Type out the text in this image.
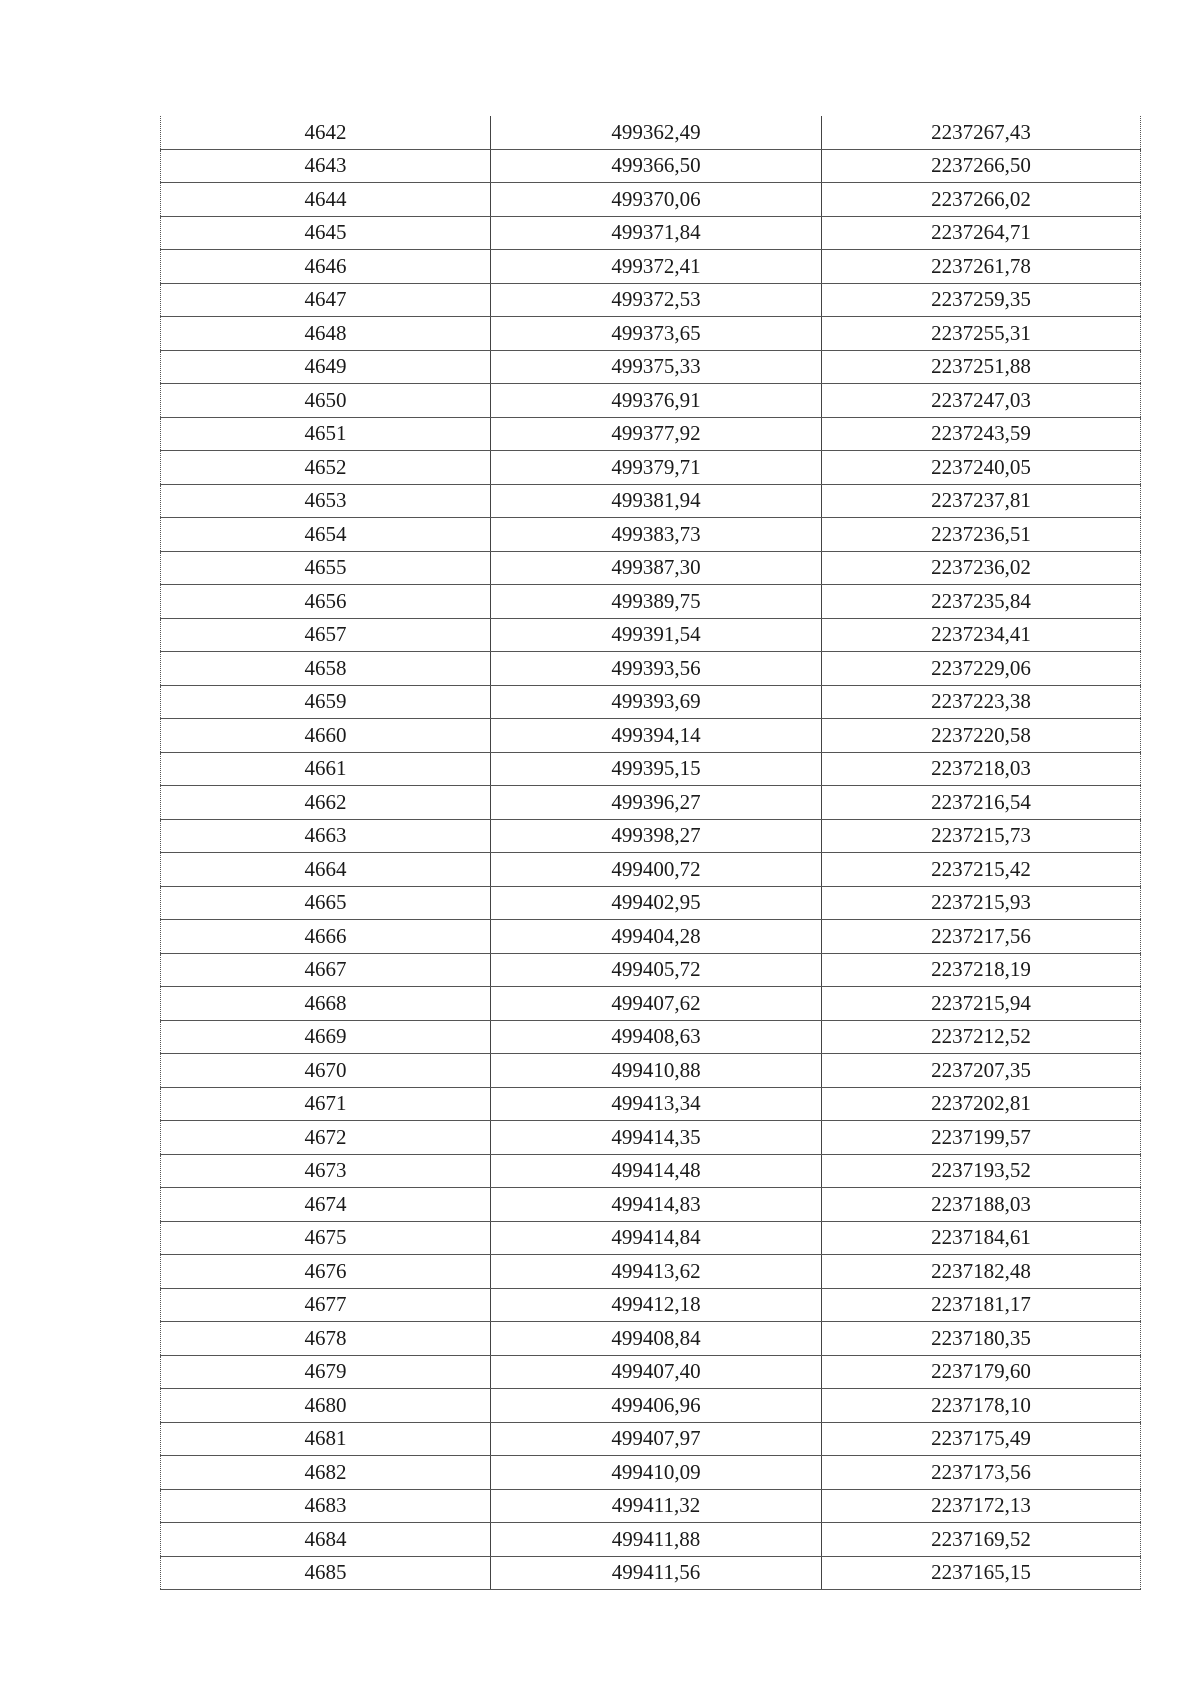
4642	499362,49	2237267,43
4643	499366,50	2237266,50
4644	499370,06	2237266,02
4645	499371,84	2237264,71
4646	499372,41	2237261,78
4647	499372,53	2237259,35
4648	499373,65	2237255,31
4649	499375,33	2237251,88
4650	499376,91	2237247,03
4651	499377,92	2237243,59
4652	499379,71	2237240,05
4653	499381,94	2237237,81
4654	499383,73	2237236,51
4655	499387,30	2237236,02
4656	499389,75	2237235,84
4657	499391,54	2237234,41
4658	499393,56	2237229,06
4659	499393,69	2237223,38
4660	499394,14	2237220,58
4661	499395,15	2237218,03
4662	499396,27	2237216,54
4663	499398,27	2237215,73
4664	499400,72	2237215,42
4665	499402,95	2237215,93
4666	499404,28	2237217,56
4667	499405,72	2237218,19
4668	499407,62	2237215,94
4669	499408,63	2237212,52
4670	499410,88	2237207,35
4671	499413,34	2237202,81
4672	499414,35	2237199,57
4673	499414,48	2237193,52
4674	499414,83	2237188,03
4675	499414,84	2237184,61
4676	499413,62	2237182,48
4677	499412,18	2237181,17
4678	499408,84	2237180,35
4679	499407,40	2237179,60
4680	499406,96	2237178,10
4681	499407,97	2237175,49
4682	499410,09	2237173,56
4683	499411,32	2237172,13
4684	499411,88	2237169,52
4685	499411,56	2237165,15
